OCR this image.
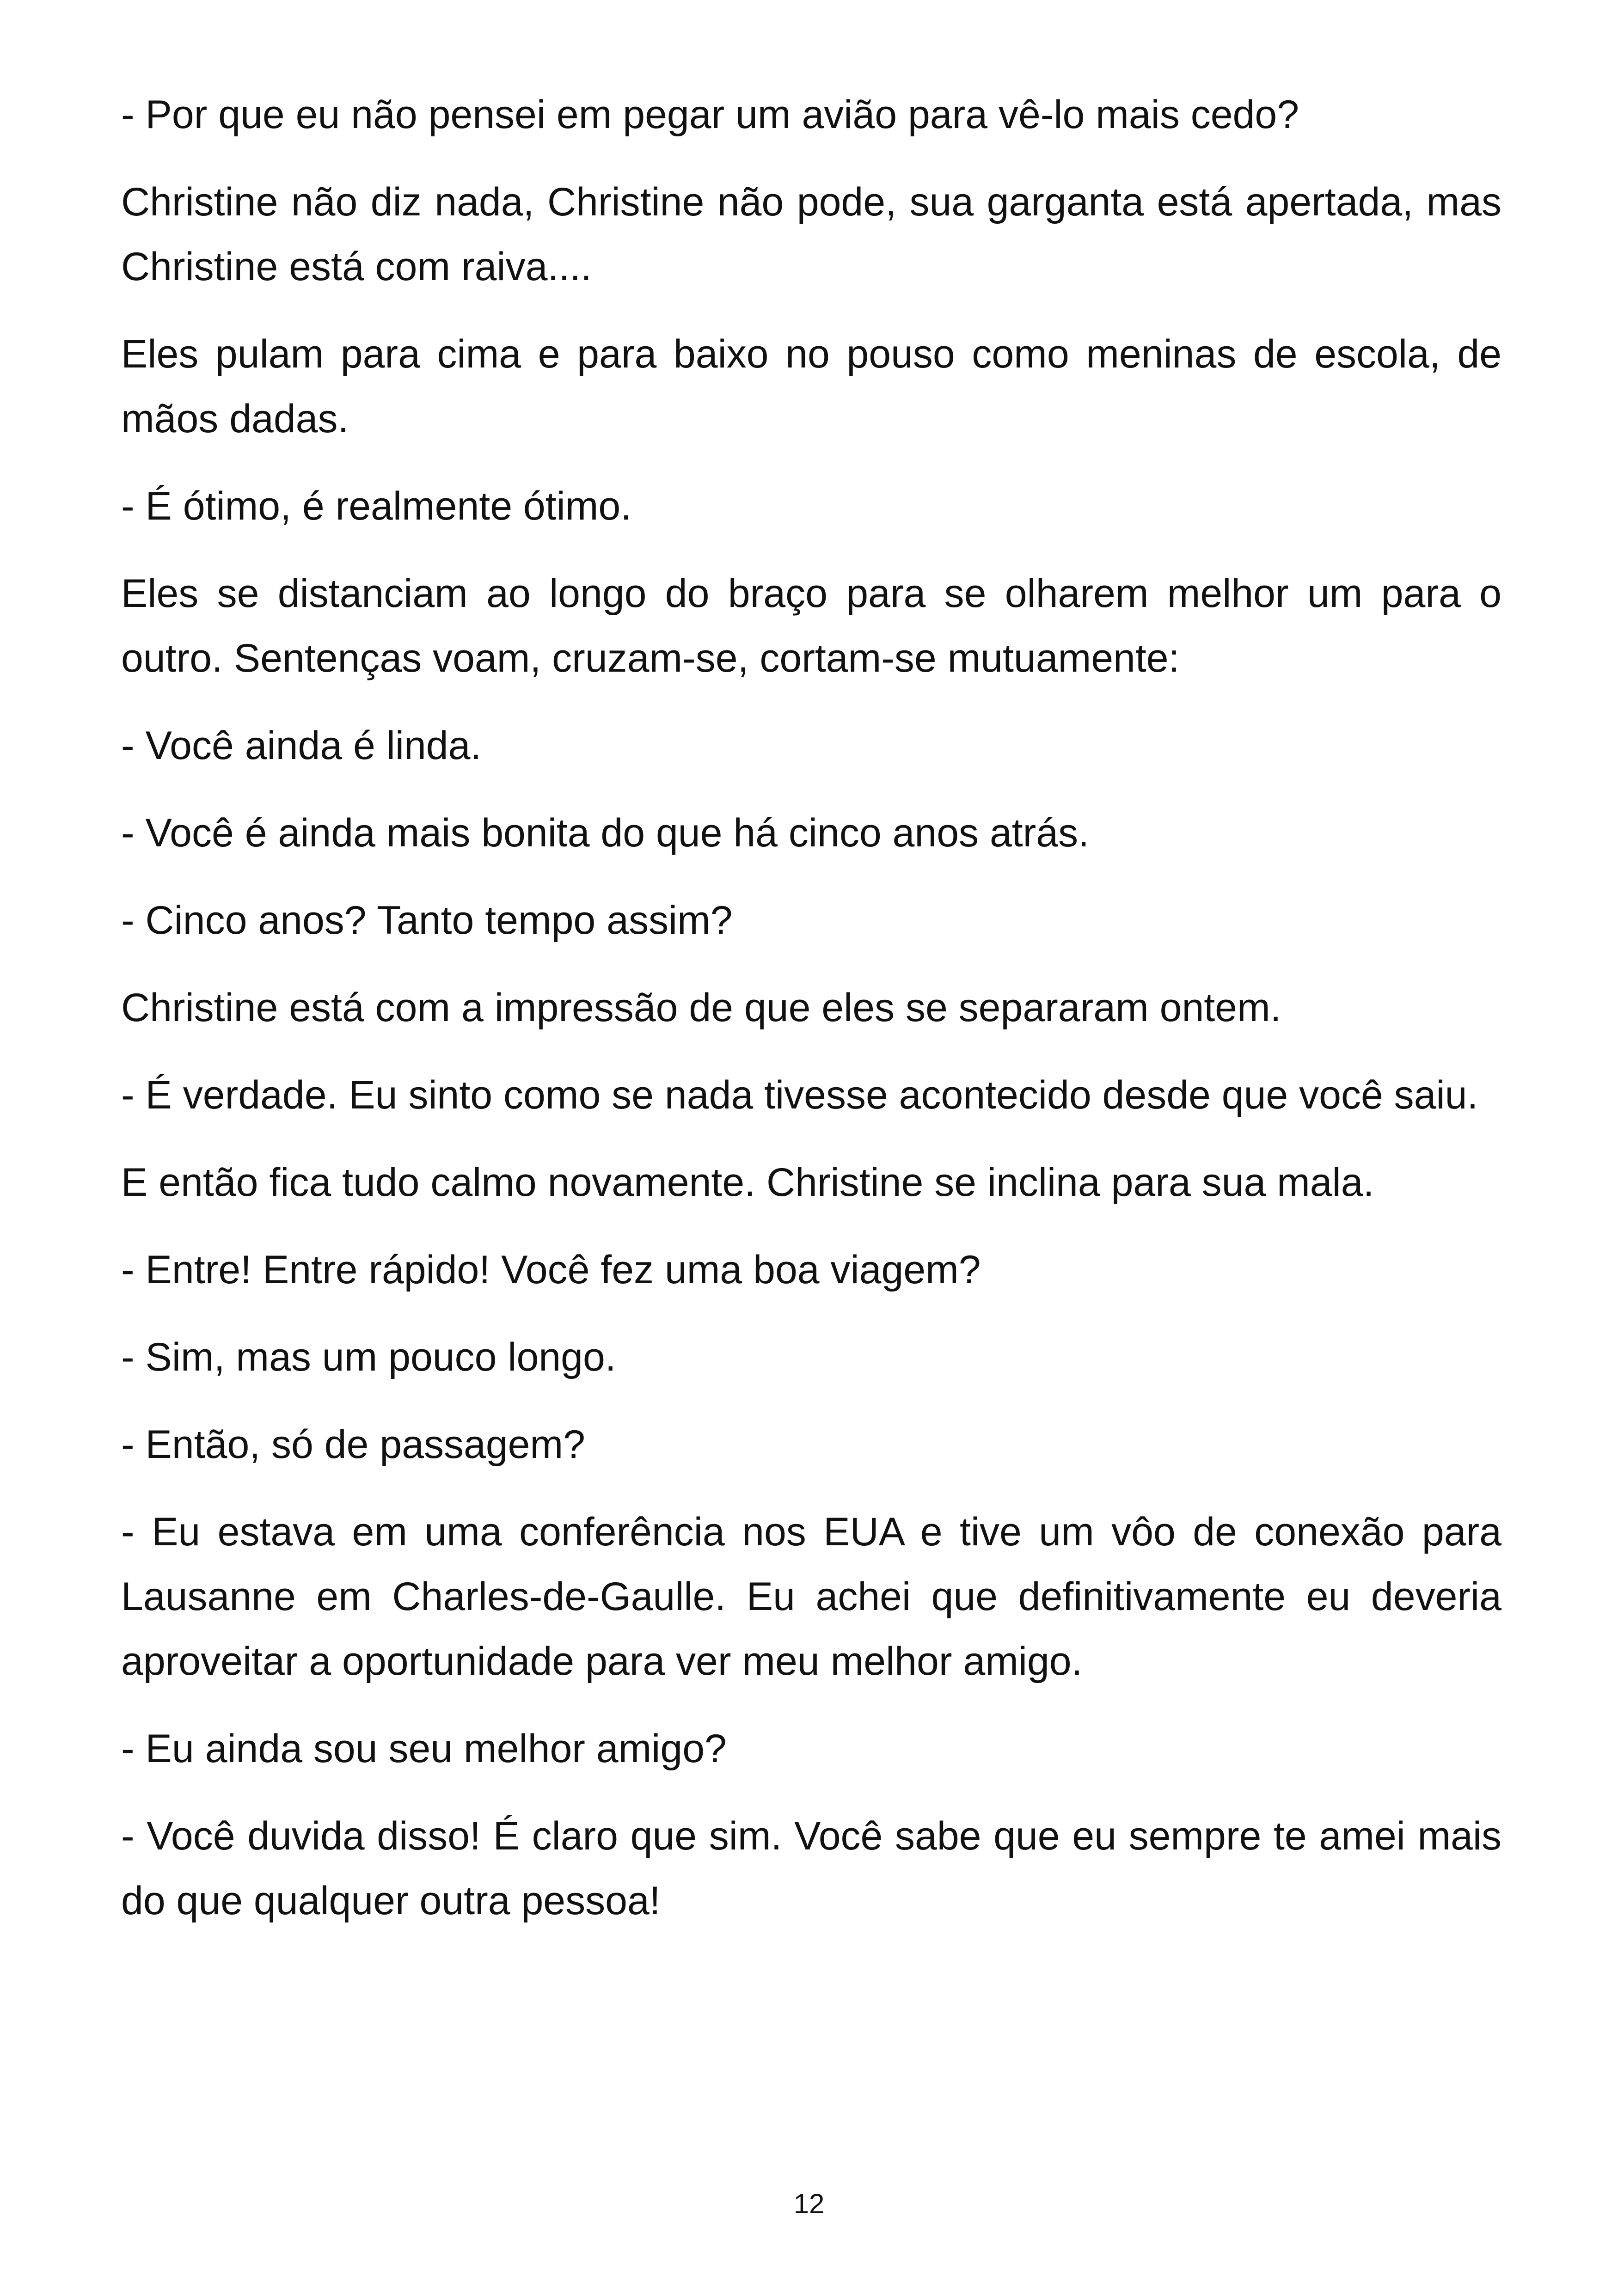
- Por que eu não pensei em pegar um avião para vê-lo mais cedo?

Christine não diz nada, Christine não pode, sua garganta está apertada, mas Christine está com raiva....

Eles pulam para cima e para baixo no pouso como meninas de escola, de mãos dadas.

- É ótimo, é realmente ótimo.

Eles se distanciam ao longo do braço para se olharem melhor um para o outro. Sentenças voam, cruzam-se, cortam-se mutuamente:

- Você ainda é linda.

- Você é ainda mais bonita do que há cinco anos atrás.

- Cinco anos? Tanto tempo assim?

Christine está com a impressão de que eles se separaram ontem.

- É verdade. Eu sinto como se nada tivesse acontecido desde que você saiu.

E então fica tudo calmo novamente. Christine se inclina para sua mala.

- Entre! Entre rápido! Você fez uma boa viagem?

- Sim, mas um pouco longo.

- Então, só de passagem?

- Eu estava em uma conferência nos EUA e tive um vôo de conexão para Lausanne em Charles-de-Gaulle. Eu achei que definitivamente eu deveria aproveitar a oportunidade para ver meu melhor amigo.

- Eu ainda sou seu melhor amigo?

- Você duvida disso! É claro que sim. Você sabe que eu sempre te amei mais do que qualquer outra pessoa!

12
